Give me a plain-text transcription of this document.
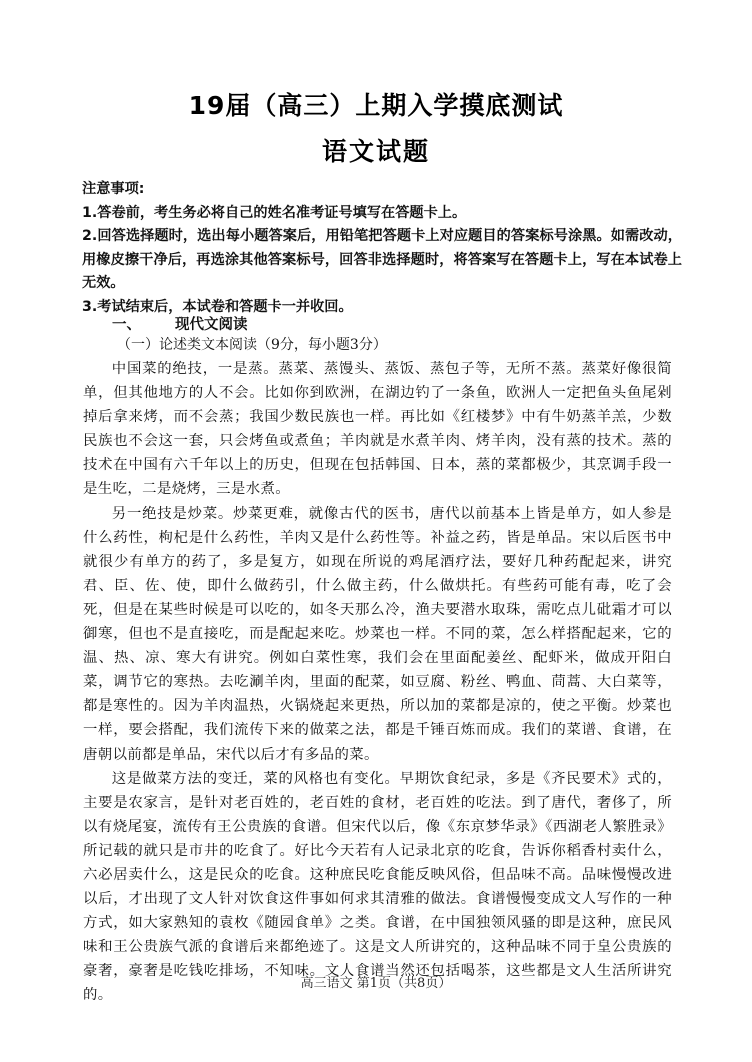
19届（高三）上期入学摸底测试
语文试题

注意事项:

1.答卷前，考生务必将自己的姓名准考证号填写在答题卡上。

2.回答选择题时，选出每小题答案后，用铅笔把答题卡上对应题目的答案标号涂黑。如需改动，用橡皮擦干净后，再选涂其他答案标号，回答非选择题时，将答案写在答题卡上，写在本试卷上无效。

3.考试结束后，本试卷和答题卡一并收回。

一、 现代文阅读
（一）论述类文本阅读（9分，每小题3分）

中国菜的绝技，一是蒸。蒸菜、蒸馒头、蒸饭、蒸包子等，无所不蒸。蒸菜好像很简单，但其他地方的人不会。比如你到欧洲，在湖边钓了一条鱼，欧洲人一定把鱼头鱼尾剁掉后拿来烤，而不会蒸；我国少数民族也一样。再比如《红楼梦》中有牛奶蒸羊羔，少数民族也不会这一套，只会烤鱼或煮鱼；羊肉就是水煮羊肉、烤羊肉，没有蒸的技术。蒸的技术在中国有六千年以上的历史，但现在包括韩国、日本，蒸的菜都极少，其烹调手段一是生吃，二是烧烤，三是水煮。

另一绝技是炒菜。炒菜更难，就像古代的医书，唐代以前基本上皆是单方，如人参是什么药性，枸杞是什么药性，羊肉又是什么药性等。补益之药，皆是单品。宋以后医书中就很少有单方的药了，多是复方，如现在所说的鸡尾酒疗法，要好几种药配起来，讲究君、臣、佐、使，即什么做药引，什么做主药，什么做烘托。有些药可能有毒，吃了会死，但是在某些时候是可以吃的，如冬天那么冷，渔夫要潜水取珠，需吃点儿砒霜才可以御寒，但也不是直接吃，而是配起来吃。炒菜也一样。不同的菜，怎么样搭配起来，它的温、热、凉、寒大有讲究。例如白菜性寒，我们会在里面配姜丝、配虾米，做成开阳白菜，调节它的寒热。去吃涮羊肉，里面的配菜，如豆腐、粉丝、鸭血、茼蒿、大白菜等，都是寒性的。因为羊肉温热，火锅烧起来更热，所以加的菜都是凉的，使之平衡。炒菜也一样，要会搭配，我们流传下来的做菜之法，都是千锤百炼而成。我们的菜谱、食谱，在唐朝以前都是单品，宋代以后才有多品的菜。

这是做菜方法的变迁，菜的风格也有变化。早期饮食纪录，多是《齐民要术》式的，主要是农家言，是针对老百姓的，老百姓的食材，老百姓的吃法。到了唐代，奢侈了，所以有烧尾宴，流传有王公贵族的食谱。但宋代以后，像《东京梦华录》《西湖老人繁胜录》所记载的就只是市井的吃食了。好比今天若有人记录北京的吃食，告诉你稻香村卖什么，六必居卖什么，这是民众的吃食。这种庶民吃食能反映风俗，但品味不高。品味慢慢改进以后，才出现了文人针对饮食这件事如何求其清雅的做法。食谱慢慢变成文人写作的一种方式，如大家熟知的袁枚《随园食单》之类。食谱，在中国独领风骚的即是这种，庶民风味和王公贵族气派的食谱后来都绝迹了。这是文人所讲究的，这种品味不同于皇公贵族的豪奢，豪奢是吃钱吃排场，不知味。文人食谱当然还包括喝茶，这些都是文人生活所讲究的。

高三语文 第1页（共8页）
